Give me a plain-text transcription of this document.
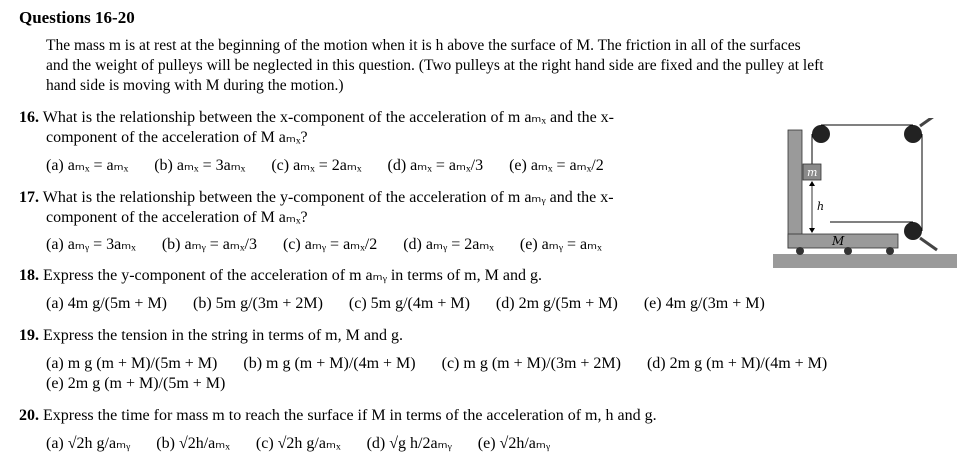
Questions 16-20
The mass m is at rest at the beginning of the motion when it is h above the surface of M. The friction in all of the surfaces
and the weight of pulleys will be neglected in this question. (Two pulleys at the right hand side are fixed and the pulley at left
hand side is moving with M during the motion.)
16. What is the relationship between the x-component of the acceleration of m aₘₓ and the x-
component of the acceleration of M aₘₓ?
(a) aₘₓ = aₘₓ (b) aₘₓ = 3aₘₓ (c) aₘₓ = 2aₘₓ (d) aₘₓ = aₘₓ/3 (e) aₘₓ = aₘₓ/2
17. What is the relationship between the y-component of the acceleration of m aₘᵧ and the x-
component of the acceleration of M aₘₓ?
(a) aₘᵧ = 3aₘₓ (b) aₘᵧ = aₘₓ/3 (c) aₘᵧ = aₘₓ/2 (d) aₘᵧ = 2aₘₓ (e) aₘᵧ = aₘₓ
18. Express the y-component of the acceleration of m aₘᵧ in terms of m, M and g.
(a) 4m g/(5m + M) (b) 5m g/(3m + 2M) (c) 5m g/(4m + M) (d) 2m g/(5m + M) (e) 4m g/(3m + M)
19. Express the tension in the string in terms of m, M and g.
(a) m g (m + M)/(5m + M) (b) m g (m + M)/(4m + M) (c) m g (m + M)/(3m + 2M) (d) 2m g (m + M)/(4m + M)
(e) 2m g (m + M)/(5m + M)
20. Express the time for mass m to reach the surface if M in terms of the acceleration of m, h and g.
(a) √2h g/aₘᵧ (b) √2h/aₘₓ (c) √2h g/aₘₓ (d) √g h/2aₘᵧ (e) √2h/aₘᵧ
m
h
M
